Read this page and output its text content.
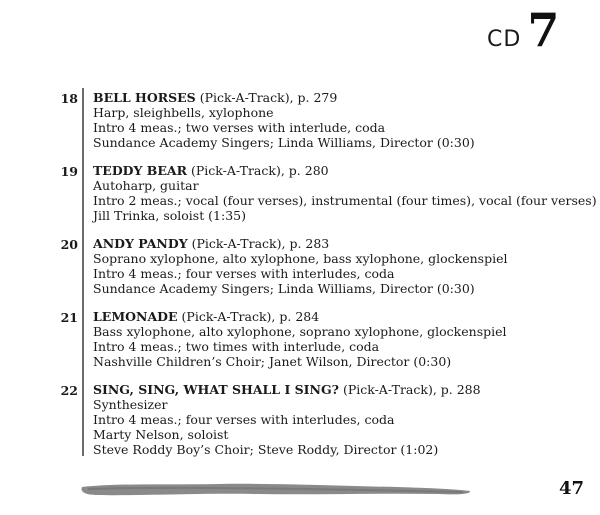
CD 7
18 BELL HORSES (Pick-A-Track), p. 279
Harp, sleighbells, xylophone
Intro 4 meas.; two verses with interlude, coda
Sundance Academy Singers; Linda Williams, Director (0:30)
19 TEDDY BEAR (Pick-A-Track), p. 280
Autoharp, guitar
Intro 2 meas.; vocal (four verses), instrumental (four times), vocal (four verses)
Jill Trinka, soloist (1:35)
20 ANDY PANDY (Pick-A-Track), p. 283
Soprano xylophone, alto xylophone, bass xylophone, glockenspiel
Intro 4 meas.; four verses with interludes, coda
Sundance Academy Singers; Linda Williams, Director (0:30)
21 LEMONADE (Pick-A-Track), p. 284
Bass xylophone, alto xylophone, soprano xylophone, glockenspiel
Intro 4 meas.; two times with interlude, coda
Nashville Children’s Choir; Janet Wilson, Director (0:30)
22 SING, SING, WHAT SHALL I SING? (Pick-A-Track), p. 288
Synthesizer
Intro 4 meas.; four verses with interludes, coda
Marty Nelson, soloist
Steve Roddy Boy’s Choir; Steve Roddy, Director (1:02)
47
